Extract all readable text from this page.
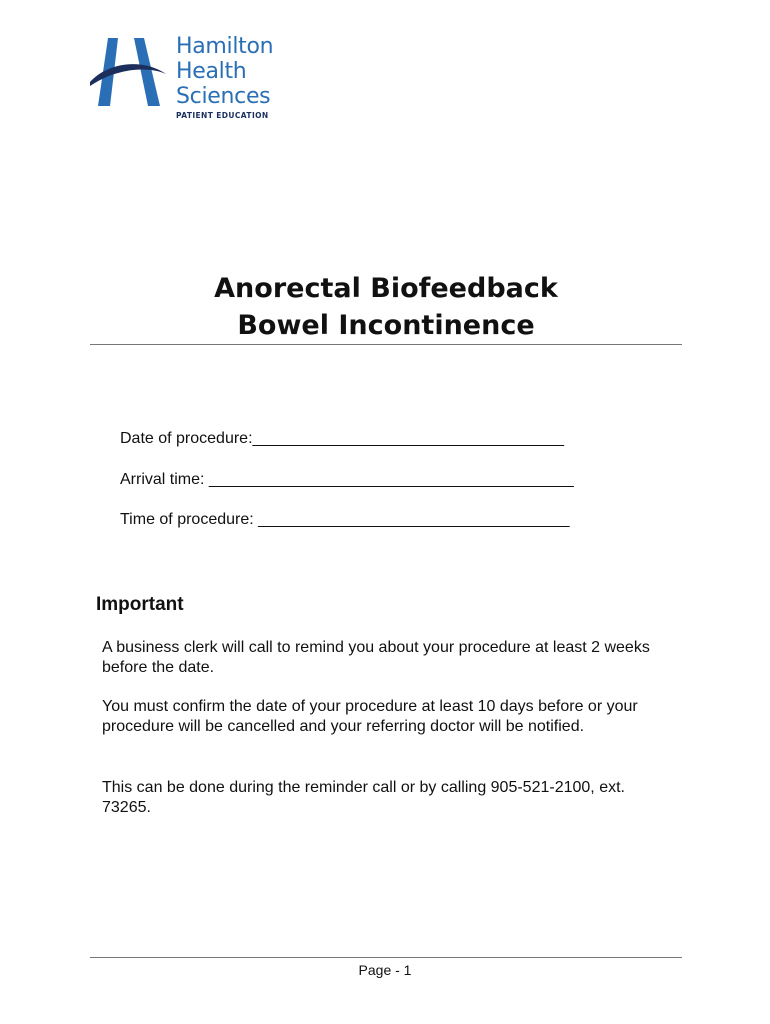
Hamilton
Health
Sciences
PATIENT EDUCATION
Anorectal Biofeedback
Bowel Incontinence
Date of procedure:___________________________________
Arrival time: _________________________________________
Time of procedure: ___________________________________
Important

A business clerk will call to remind you about your procedure at least 2 weeks before the date.

You must confirm the date of your procedure at least 10 days before or your procedure will be cancelled and your referring doctor will be notified.

This can be done during the reminder call or by calling 905-521-2100, ext. 73265.

Page - 1
